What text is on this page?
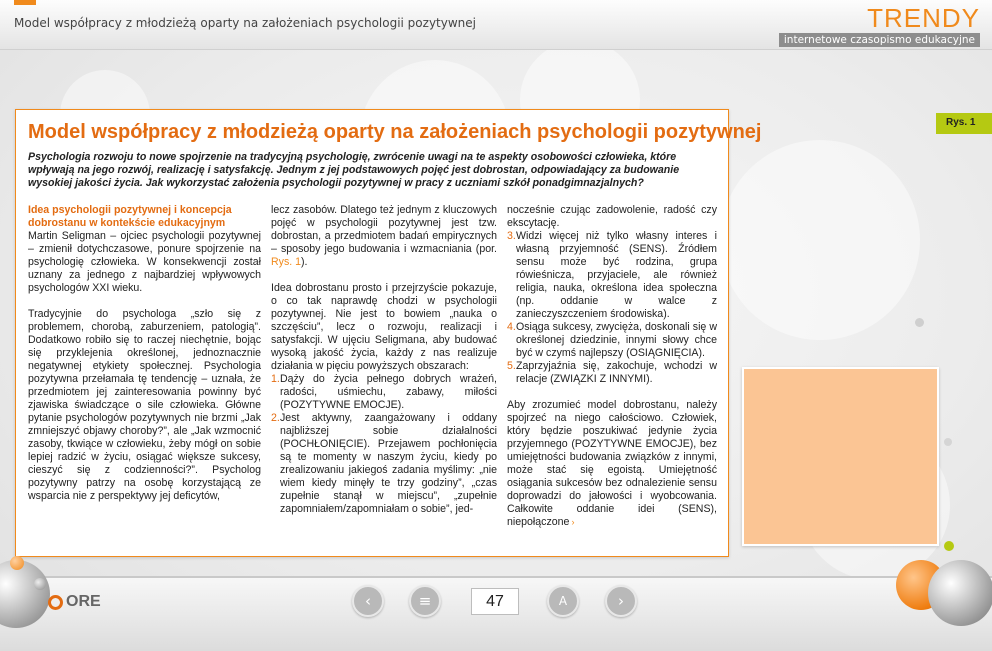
Model współpracy z młodzieżą oparty na założeniach psychologii pozytywnej	TRENDY
internetowe czasopismo edukacyjne
Rys. 1
Model współpracy z młodzieżą oparty na założeniach psychologii pozytywnej
Psychologia rozwoju to nowe spojrzenie na tradycyjną psychologię, zwrócenie uwagi na te aspekty osobowości człowieka, które wpływają na jego rozwój, realizację i satysfakcję. Jednym z jej podstawowych pojęć jest dobrostan, odpowiadający za budowanie wysokiej jakości życia. Jak wykorzystać założenia psychologii pozytywnej w pracy z uczniami szkół ponadgimnazjalnych?

Idea psychologii pozytywnej i koncepcja dobrostanu w kontekście edukacyjnym

Martin Seligman – ojciec psychologii pozytywnej – zmienił dotychczasowe, ponure spojrzenie na psychologię człowieka. W konsekwencji został uznany za jednego z najbardziej wpływowych psychologów XXI wieku.

Tradycyjnie do psychologa „szło się z problemem, chorobą, zaburzeniem, patologią”. Dodatkowo robiło się to raczej niechętnie, bojąc się przyklejenia określonej, jednoznacznie negatywnej etykiety społecznej. Psychologia pozytywna przełamała tę tendencję – uznała, że przedmiotem jej zainteresowania powinny być zjawiska świadczące o sile człowieka. Główne pytanie psychologów pozytywnych nie brzmi „Jak zmniejszyć objawy choroby?”, ale „Jak wzmocnić zasoby, tkwiące w człowieku, żeby mógł on sobie lepiej radzić w życiu, osiągać większe sukcesy, cieszyć się z codzienności?”. Psycholog pozytywny patrzy na osobę korzystającą ze wsparcia nie z perspektywy jej deficytów,

lecz zasobów. Dlatego też jednym z kluczowych pojęć w psychologii pozytywnej jest tzw. dobrostan, a przedmiotem badań empirycznych – sposoby jego budowania i wzmacniania (por. Rys. 1).

Idea dobrostanu prosto i przejrzyście pokazuje, o co tak naprawdę chodzi w psychologii pozytywnej. Nie jest to bowiem „nauka o szczęściu”, lecz o rozwoju, realizacji i satysfakcji. W ujęciu Seligmana, aby budować wysoką jakość życia, każdy z nas realizuje działania w pięciu powyższych obszarach:

1. Dąży do życia pełnego dobrych wrażeń, radości, uśmiechu, zabawy, miłości (POZYTYWNE EMOCJE).
2. Jest aktywny, zaangażowany i oddany najbliższej sobie działalności (POCHŁONIĘCIE). Przejawem pochłonięcia są te momenty w naszym życiu, kiedy po zrealizowaniu jakiegoś zadania myślimy: „nie wiem kiedy minęły te trzy godziny”, „czas zupełnie stanął w miejscu”, „zupełnie zapomniałem/zapomniałam o sobie”, jed-

nocześnie czując zadowolenie, radość czy ekscytację.

3. Widzi więcej niż tylko własny interes i własną przyjemność (SENS). Źródłem sensu może być rodzina, grupa rówieśnicza, przyjaciele, ale również religia, nauka, określona idea społeczna (np. oddanie w walce z zanieczyszczeniem środowiska).
4. Osiąga sukcesy, zwycięża, doskonali się w określonej dziedzinie, innymi słowy chce być w czymś najlepszy (OSIĄGNIĘCIA).
5. Zaprzyjaźnia się, zakochuje, wchodzi w relacje (ZWIĄZKI Z INNYMI).

Aby zrozumieć model dobrostanu, należy spojrzeć na niego całościowo. Człowiek, który będzie poszukiwać jedynie życia przyjemnego (POZYTYWNE EMOCJE), bez umiejętności budowania związków z innymi, może stać się egoistą. Umiejętność osiągania sukcesów bez odnalezienie sensu doprowadzi do jałowości i wyobcowania. Całkowite oddanie idei (SENS), niepołączone ›

ORE	‹	≡	47	A	›
